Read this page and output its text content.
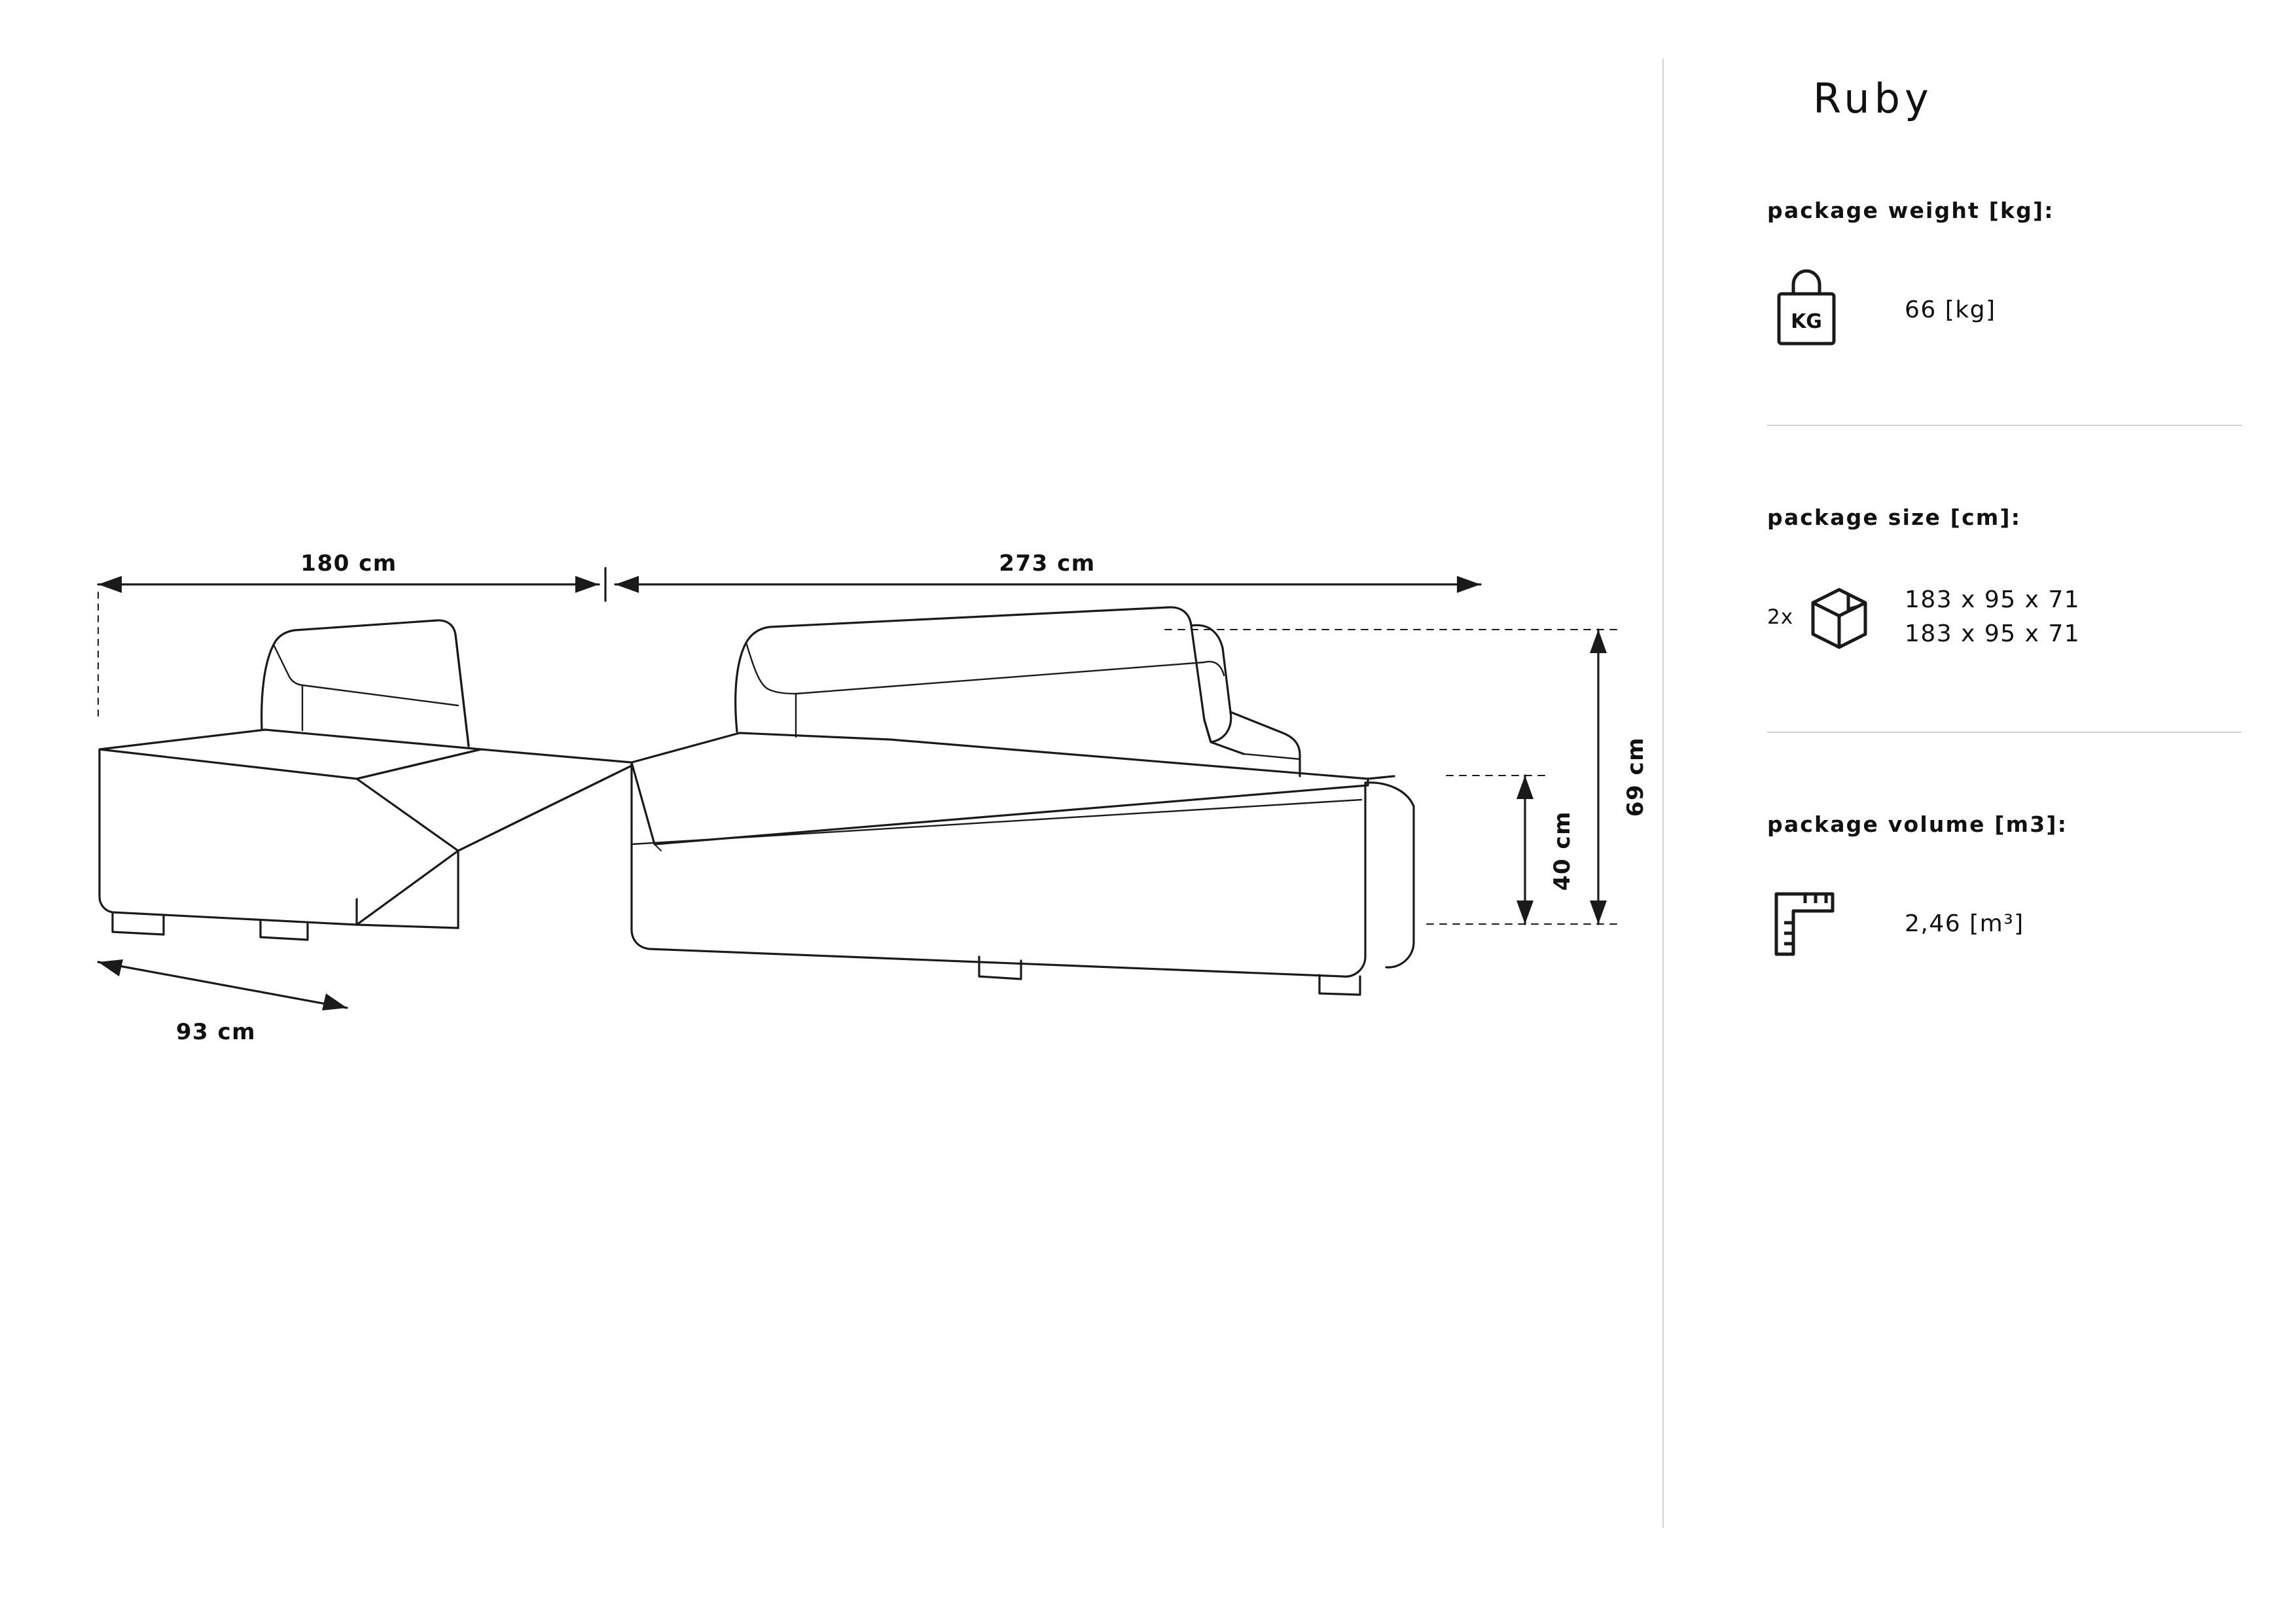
180 cm	273 cm
93 cm
69 cm
40 cm
Ruby
package weight [kg]:
KG	66 [kg]
package size [cm]:
2x
183 x 95 x 71
183 x 95 x 71
package volume [m3]:
2,46 [m³]
